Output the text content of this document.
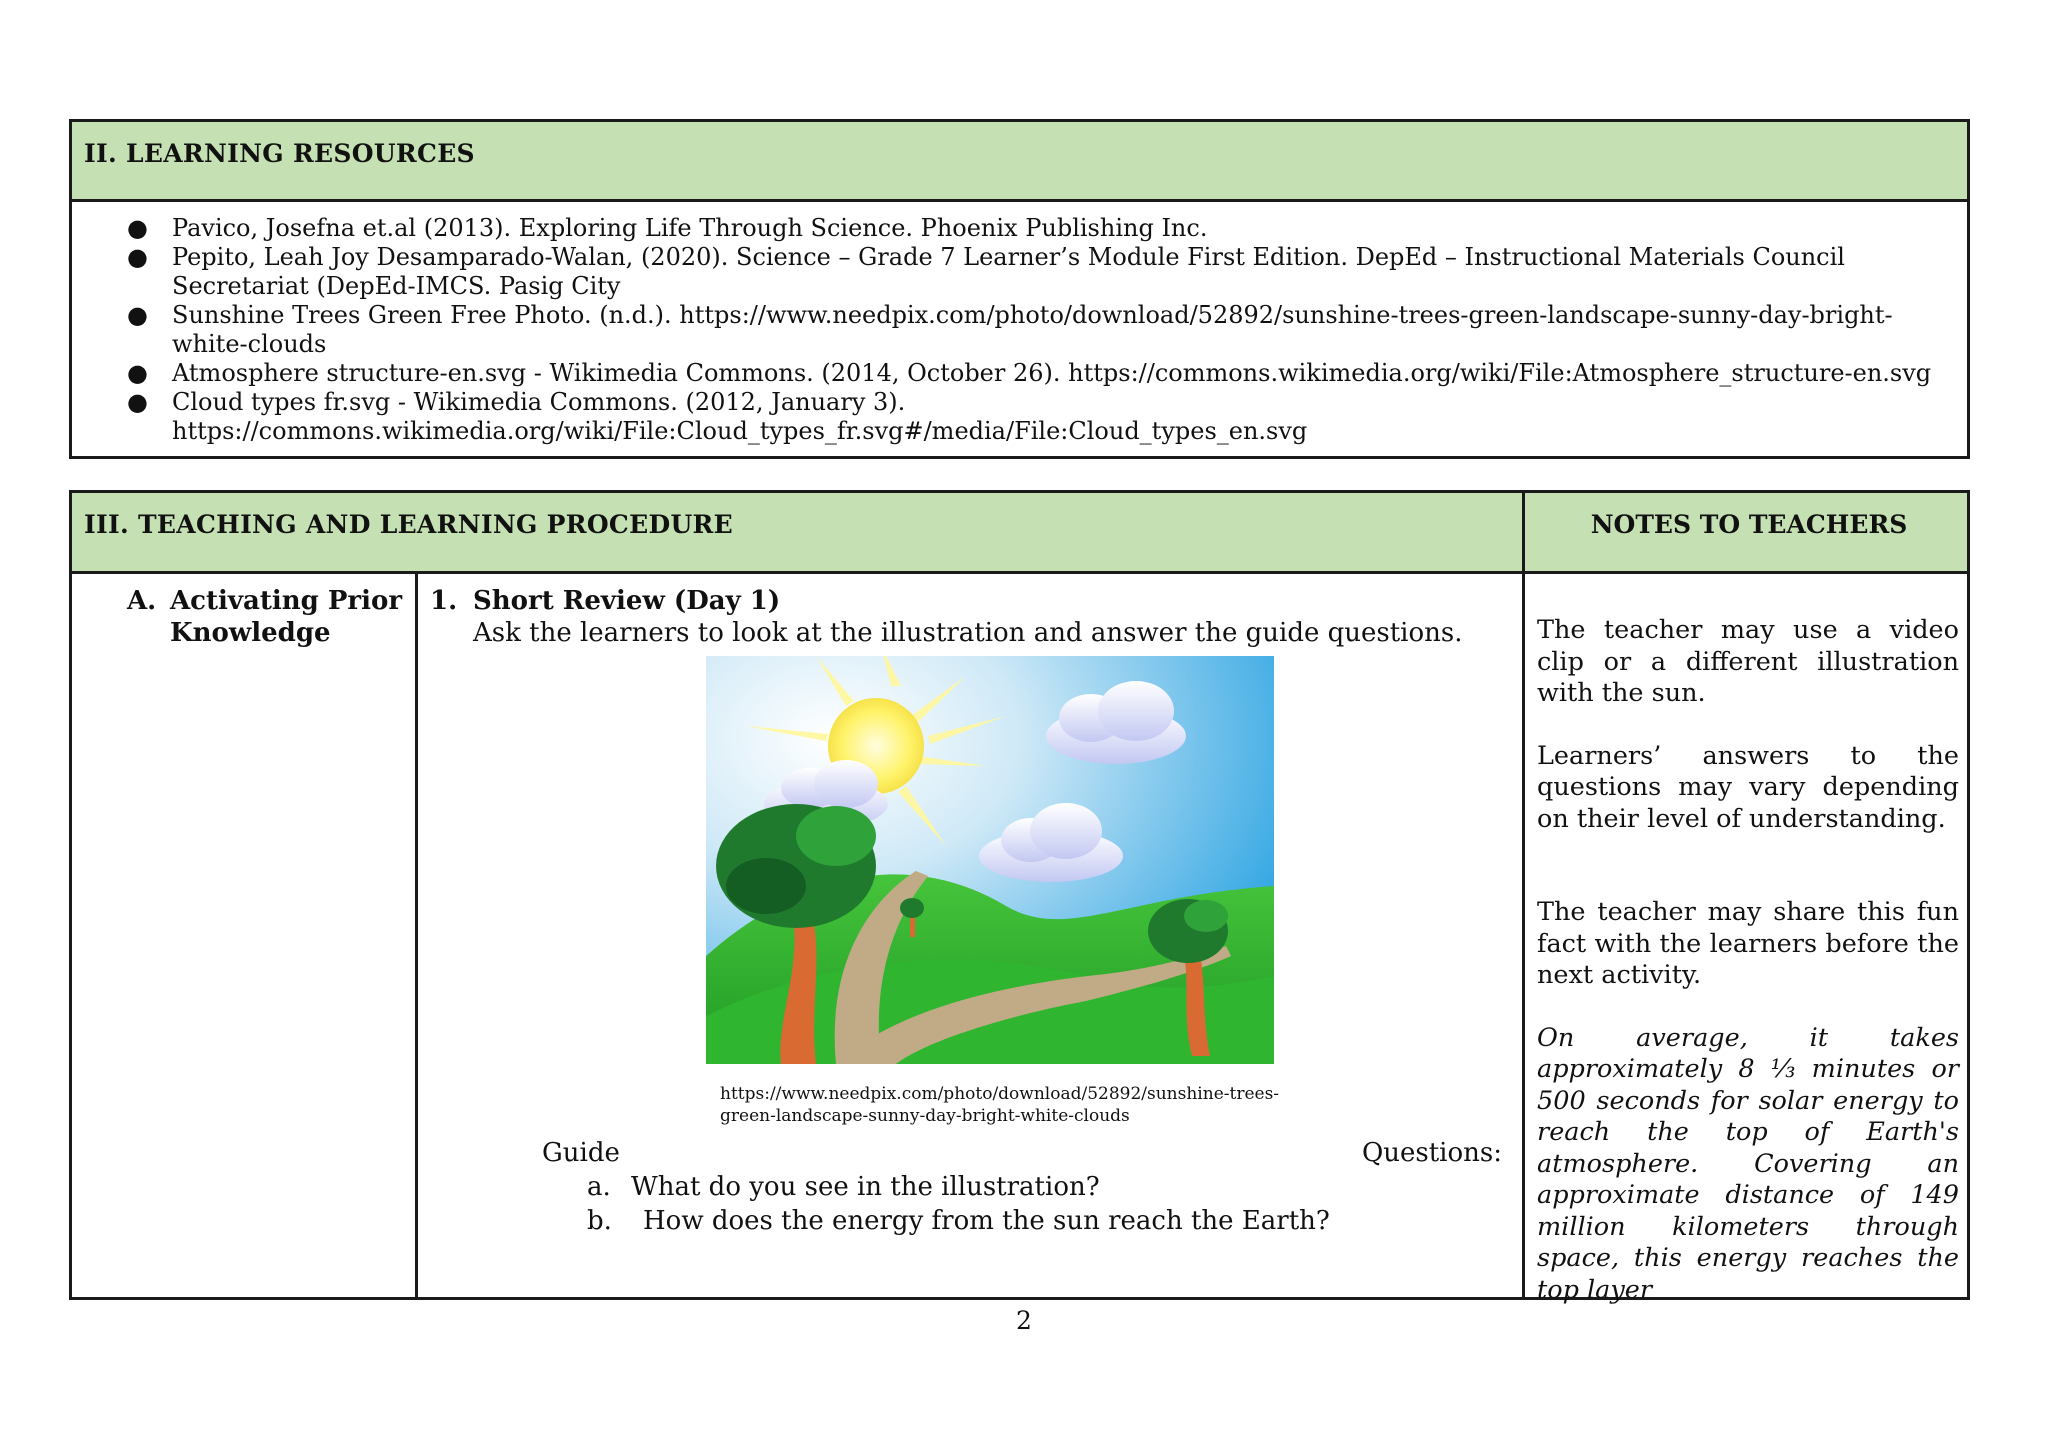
II. LEARNING RESOURCES
● Pavico, Josefna et.al (2013). Exploring Life Through Science. Phoenix Publishing Inc.
● Pepito, Leah Joy Desamparado-Walan, (2020). Science – Grade 7 Learner’s Module First Edition. DepEd – Instructional Materials Council Secretariat (DepEd-IMCS. Pasig City
● Sunshine Trees Green Free Photo. (n.d.). https://www.needpix.com/photo/download/52892/sunshine-trees-green-landscape-sunny-day-bright-white-clouds
● Atmosphere structure-en.svg - Wikimedia Commons. (2014, October 26). https://commons.wikimedia.org/wiki/File:Atmosphere_structure-en.svg
● Cloud types fr.svg - Wikimedia Commons. (2012, January 3). https://commons.wikimedia.org/wiki/File:Cloud_types_fr.svg#/media/File:Cloud_types_en.svg
III. TEACHING AND LEARNING PROCEDURE	NOTES TO TEACHERS
A. Activating Prior Knowledge
1. Short Review (Day 1)
Ask the learners to look at the illustration and answer the guide questions.
https://www.needpix.com/photo/download/52892/sunshine-trees-green-landscape-sunny-day-bright-white-clouds
Guide	Questions:
a. What do you see in the illustration?
b. How does the energy from the sun reach the Earth?

The teacher may use a video clip or a different illustration with the sun.

Learners’ answers to the questions may vary depending on their level of understanding.

The teacher may share this fun fact with the learners before the next activity.

On average, it takes approximately 8 ⅓ minutes or 500 seconds for solar energy to reach the top of Earth's atmosphere. Covering an approximate distance of 149 million kilometers through space, this energy reaches the top layer

2
